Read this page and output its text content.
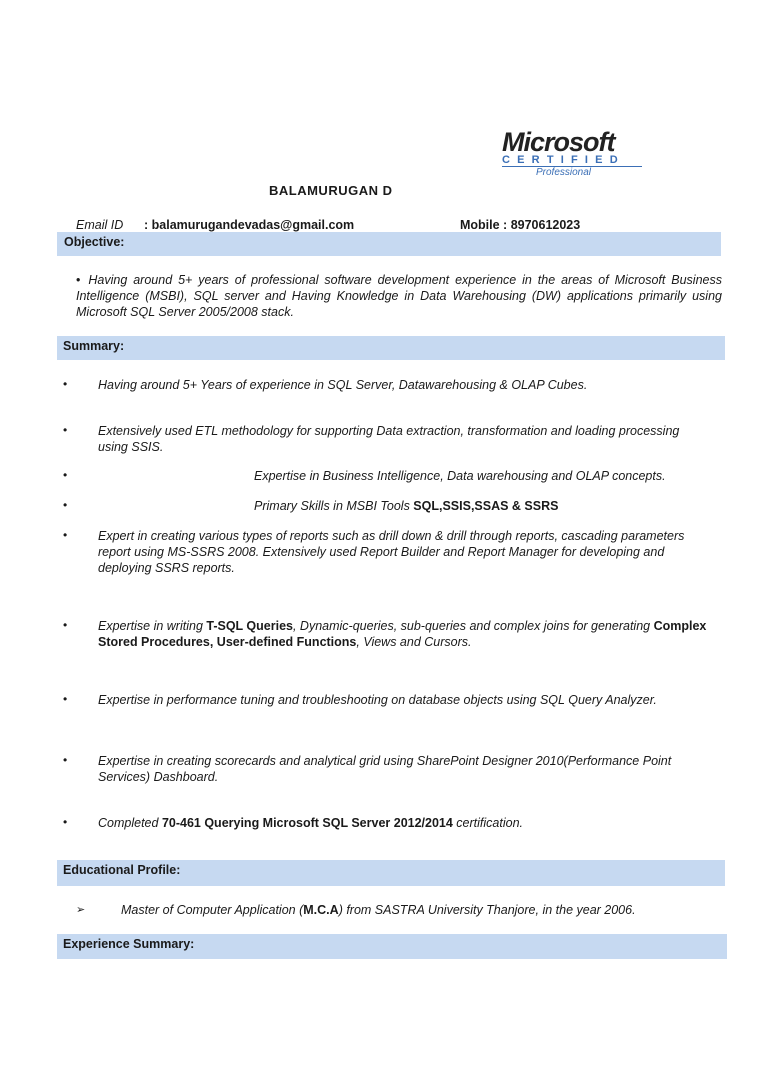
Microsoft
CERTIFIED
Professional
BALAMURUGAN D
Email ID : balamurugandevadas@gmail.com	Mobile : 8970612023
Objective:
• Having around 5+ years of professional software development experience in the areas of Microsoft Business Intelligence (MSBI), SQL server and Having Knowledge in Data Warehousing (DW) applications primarily using Microsoft SQL Server 2005/2008 stack.
Summary:
• Having around 5+ Years of experience in SQL Server, Datawarehousing & OLAP Cubes.
• Extensively used ETL methodology for supporting Data extraction, transformation and loading processing using SSIS.
•	Expertise in Business Intelligence, Data warehousing and OLAP concepts.
•	Primary Skills in MSBI Tools SQL,SSIS,SSAS & SSRS
• Expert in creating various types of reports such as drill down & drill through reports, cascading parameters report using MS-SSRS 2008. Extensively used Report Builder and Report Manager for developing and deploying SSRS reports.
• Expertise in writing T-SQL Queries, Dynamic-queries, sub-queries and complex joins for generating Complex Stored Procedures, User-defined Functions, Views and Cursors.
• Expertise in performance tuning and troubleshooting on database objects using SQL Query Analyzer.
• Expertise in creating scorecards and analytical grid using SharePoint Designer 2010(Performance Point Services) Dashboard.
• Completed 70-461 Querying Microsoft SQL Server 2012/2014 certification.
Educational Profile:
➢	Master of Computer Application (M.C.A) from SASTRA University Thanjore, in the year 2006.
Experience Summary:
